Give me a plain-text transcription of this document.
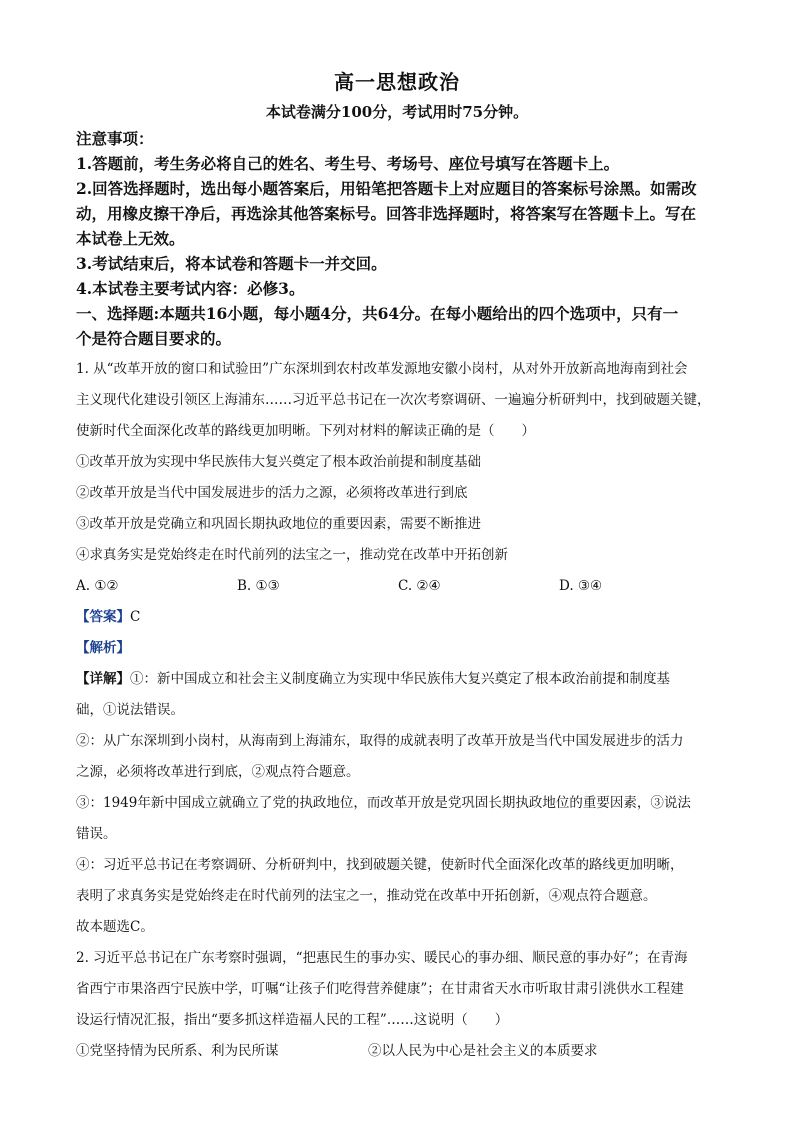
高一思想政治
本试卷满分100分，考试用时75分钟。

注意事项：

1.答题前，考生务必将自己的姓名、考生号、考场号、座位号填写在答题卡上。

2.回答选择题时，选出每小题答案后，用铅笔把答题卡上对应题目的答案标号涂黑。如需改

动，用橡皮擦干净后，再选涂其他答案标号。回答非选择题时，将答案写在答题卡上。写在

本试卷上无效。

3.考试结束后，将本试卷和答题卡一并交回。

4.本试卷主要考试内容：必修3。

一、选择题:本题共16小题，每小题4分，共64分。在每小题给出的四个选项中，只有一

个是符合题目要求的。

1. 从“改革开放的窗口和试验田”广东深圳到农村改革发源地安徽小岗村，从对外开放新高地海南到社会

主义现代化建设引领区上海浦东……习近平总书记在一次次考察调研、一遍遍分析研判中，找到破题关键，

使新时代全面深化改革的路线更加明晰。下列对材料的解读正确的是（　　）

①改革开放为实现中华民族伟大复兴奠定了根本政治前提和制度基础

②改革开放是当代中国发展进步的活力之源，必须将改革进行到底

③改革开放是党确立和巩固长期执政地位的重要因素，需要不断推进

④求真务实是党始终走在时代前列的法宝之一，推动党在改革中开拓创新

A. ①②	B. ①③	C. ②④	D. ③④

【答案】C

【解析】

【详解】①：新中国成立和社会主义制度确立为实现中华民族伟大复兴奠定了根本政治前提和制度基

础，①说法错误。

②：从广东深圳到小岗村，从海南到上海浦东，取得的成就表明了改革开放是当代中国发展进步的活力

之源，必须将改革进行到底，②观点符合题意。

③：1949年新中国成立就确立了党的执政地位，而改革开放是党巩固长期执政地位的重要因素，③说法

错误。

④：习近平总书记在考察调研、分析研判中，找到破题关键，使新时代全面深化改革的路线更加明晰，

表明了求真务实是党始终走在时代前列的法宝之一，推动党在改革中开拓创新，④观点符合题意。

故本题选C。

2. 习近平总书记在广东考察时强调，“把惠民生的事办实、暖民心的事办细、顺民意的事办好”；在青海

省西宁市果洛西宁民族中学，叮嘱“让孩子们吃得营养健康”；在甘肃省天水市听取甘肃引洮供水工程建

设运行情况汇报，指出“要多抓这样造福人民的工程”……这说明（　　）

①党坚持情为民所系、利为民所谋	②以人民为中心是社会主义的本质要求
